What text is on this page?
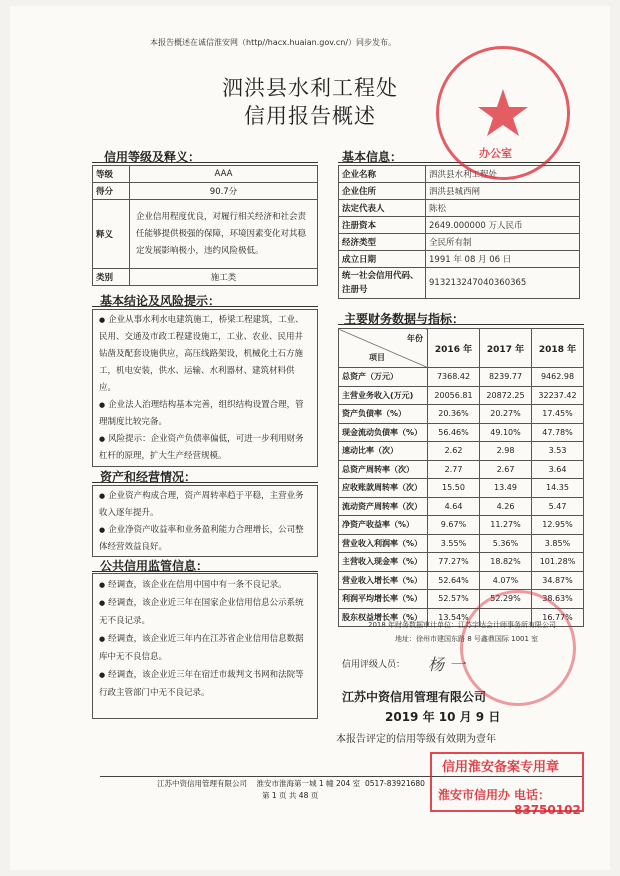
本报告概述在诚信淮安网（http//hacx.huaian.gov.cn/）同步发布。
泗洪县水利工程处
信用报告概述
信用等级及释义：
等级	AAA
得分	90.7分
释义	企业信用程度优良，对履行相关经济和社会责任能够提供极强的保障，环境因素变化对其稳定发展影响极小，违约风险极低。
类别	施工类
基本信息：
企业名称	泗洪县水利工程处
企业住所	泗洪县城西闸
法定代表人	陈松
注册资本	2649.000000 万人民币
经济类型	全民所有制
成立日期	1991 年 08 月 06 日
统一社会信用代码、注册号	913213247040360365
基本结论及风险提示：

● 企业从事水利水电建筑施工，桥梁工程建筑，工业、民用、交通及市政工程建设施工，工业、农业、民用井钻凿及配套设施供应，高压线路架设，机械化土石方施工，机电安装，供水、运输、水利器材、建筑材料供应。

● 企业法人治理结构基本完善，组织结构设置合理，管理制度比较完备。

● 风险提示：企业资产负债率偏低，可进一步利用财务杠杆的原理，扩大生产经营规模。

资产和经营情况：

● 企业资产构成合理，资产周转率趋于平稳，主营业务收入逐年提升。

● 企业净资产收益率和业务盈利能力合理增长，公司整体经营效益良好。

公共信用监管信息：

● 经调查，该企业在信用中国中有一条不良记录。

● 经调查，该企业近三年在国家企业信用信息公示系统无不良记录。

● 经调查，该企业近三年内在江苏省企业信用信息数据库中无不良信息。

● 经调查，该企业近三年在宿迁市裁判文书网和法院等行政主管部门中无不良记录。

主要财务数据与指标：
年份
项目	2016 年	2017 年	2018 年
总资产（万元）	7368.42	8239.77	9462.98
主营业务收入(万元)	20056.81	20872.25	32237.42
资产负债率（%）	20.36%	20.27%	17.45%
现金流动负债率（%）	56.46%	49.10%	47.78%
速动比率（次）	2.62	2.98	3.53
总资产周转率（次）	2.77	2.67	3.64
应收账款周转率（次）	15.50	13.49	14.35
流动资产周转率（次）	4.64	4.26	5.47
净资产收益率（%）	9.67%	11.27%	12.95%
营业收入利润率（%）	3.55%	5.36%	3.85%
主营收入现金率（%）	77.27%	18.82%	101.28%
营业收入增长率（%）	52.64%	4.07%	34.87%
利润平均增长率（%）	52.57%	52.29%	38.63%
股东权益增长率（%）	13.54%		16.77%
2018 年财务数据审计单位：江苏宇达会计师事务所有限公司
地址：徐州市建国东路 8 号鑫鼎国际 1001 室
信用评级人员： 杨 一
江苏中资信用管理有限公司
2019 年 10 月 9 日
本报告评定的信用等级有效期为壹年
江苏中资信用管理有限公司 淮安市淮海第一城 1 幢 204 室 0517-83921680
第 1 页 共 48 页
办公室
信用淮安备案专用章
淮安市信用办 电话：83750102
